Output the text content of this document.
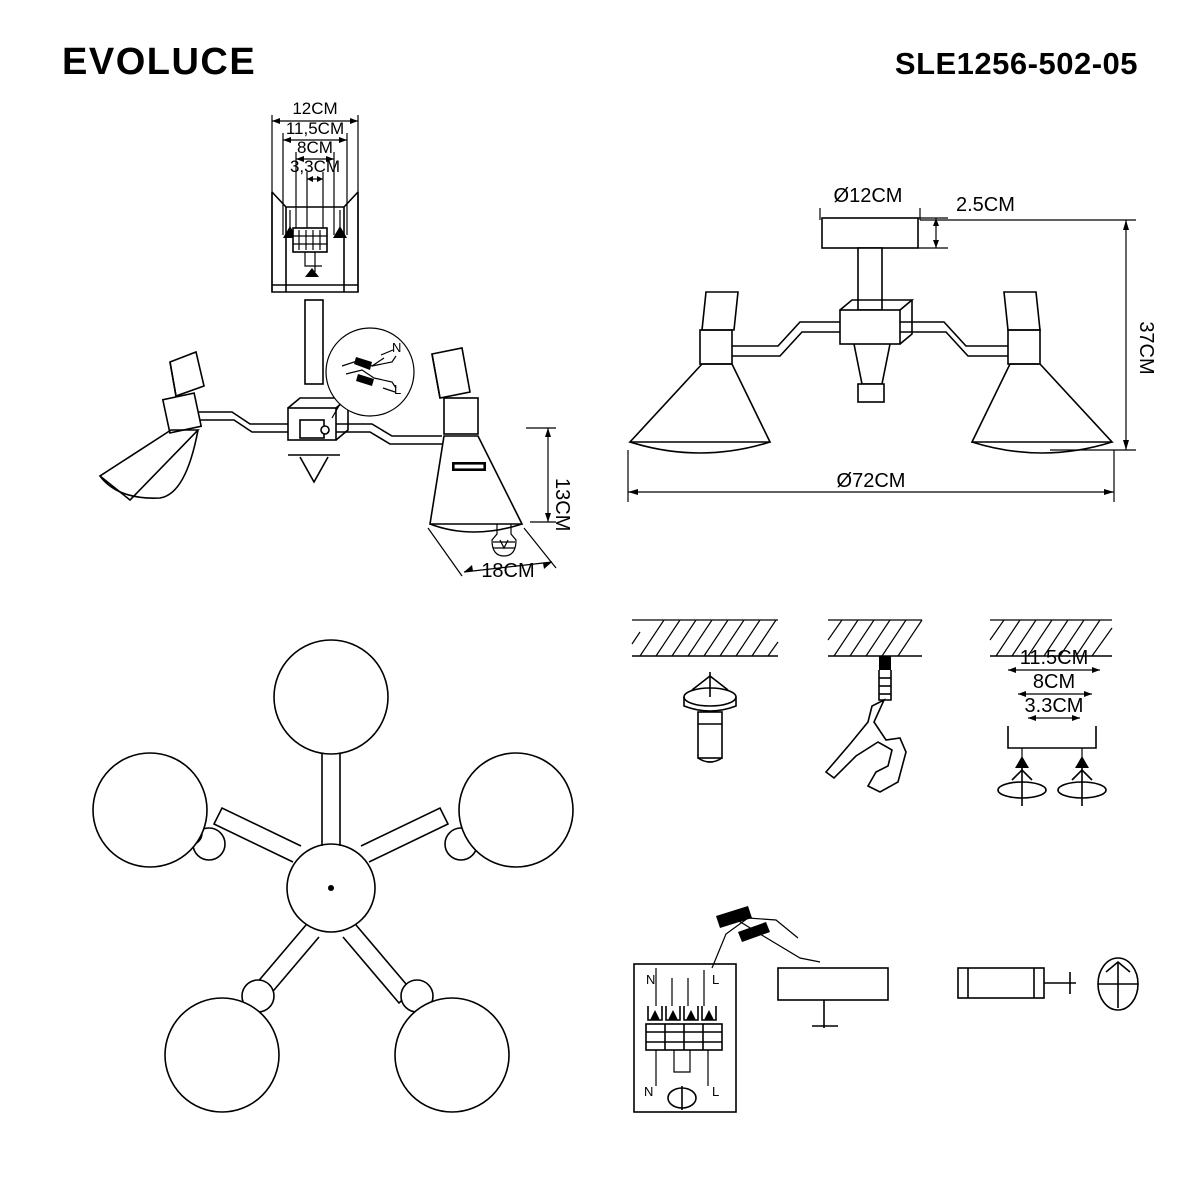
EVOLUCE	SLE1256-502-05
12CM
11,5CM
8CM
3,3CM
N
L
13CM
18CM
Ø12CM	2.5CM
37CM
Ø72CM
11.5CM
8CM
3.3CM
N	L
N	L
